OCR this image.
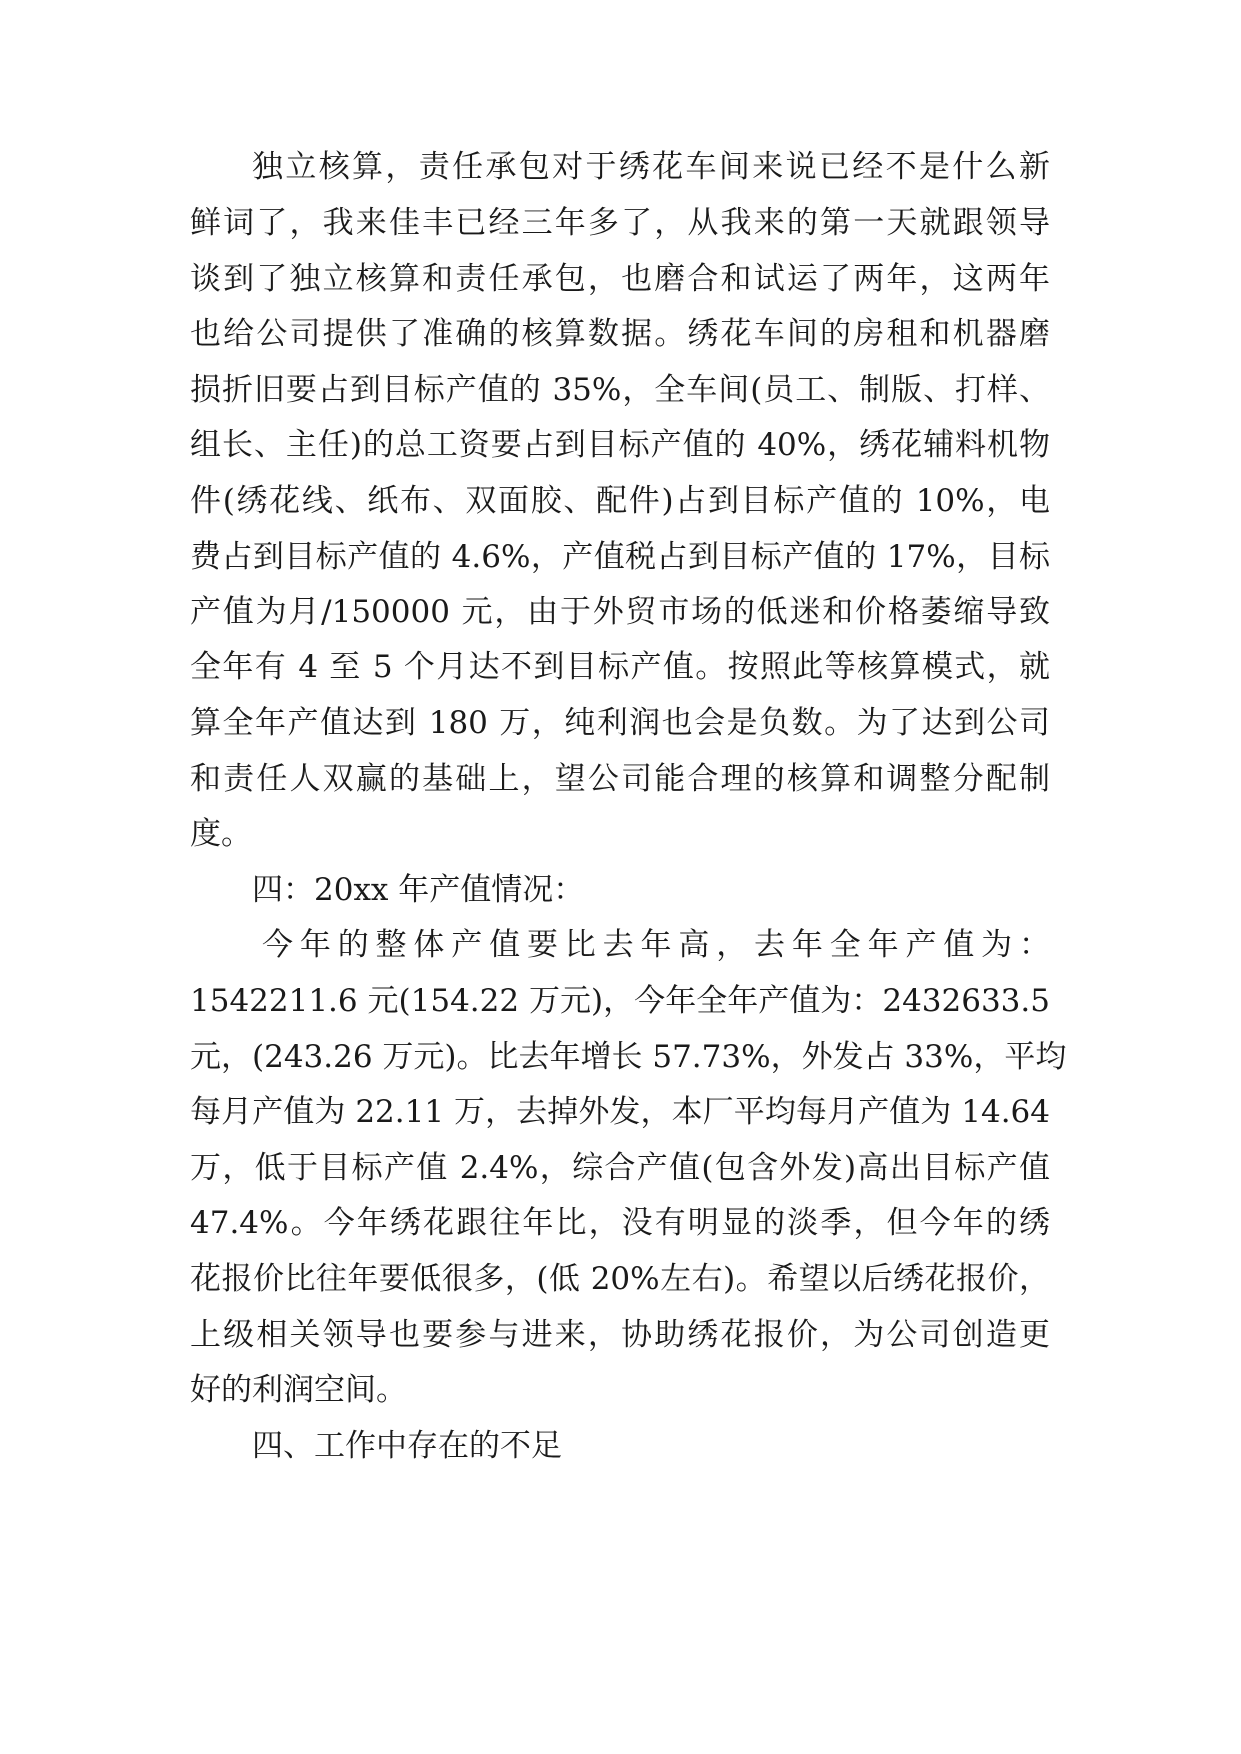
独立核算，责任承包对于绣花车间来说已经不是什么新
鲜词了，我来佳丰已经三年多了，从我来的第一天就跟领导
谈到了独立核算和责任承包，也磨合和试运了两年，这两年
也给公司提供了准确的核算数据。绣花车间的房租和机器磨
损折旧要占到目标产值的 35%，全车间(员工、制版、打样、
组长、主任)的总工资要占到目标产值的 40%，绣花辅料机物
件(绣花线、纸布、双面胶、配件)占到目标产值的 10%，电
费占到目标产值的 4.6%，产值税占到目标产值的 17%，目标
产值为月/150000 元，由于外贸市场的低迷和价格萎缩导致
全年有 4 至 5 个月达不到目标产值。按照此等核算模式，就
算全年产值达到 180 万，纯利润也会是负数。为了达到公司
和责任人双赢的基础上，望公司能合理的核算和调整分配制
度。
四：20xx 年产值情况：
今年的整体产值要比去年高，去年全年产值为：
1542211.6 元(154.22 万元)，今年全年产值为：2432633.5
元，(243.26 万元)。比去年增长 57.73%，外发占 33%，平均
每月产值为 22.11 万，去掉外发，本厂平均每月产值为 14.64
万，低于目标产值 2.4%，综合产值(包含外发)高出目标产值
47.4%。今年绣花跟往年比，没有明显的淡季，但今年的绣
花报价比往年要低很多，(低 20%左右)。希望以后绣花报价，
上级相关领导也要参与进来，协助绣花报价，为公司创造更
好的利润空间。
四、工作中存在的不足
